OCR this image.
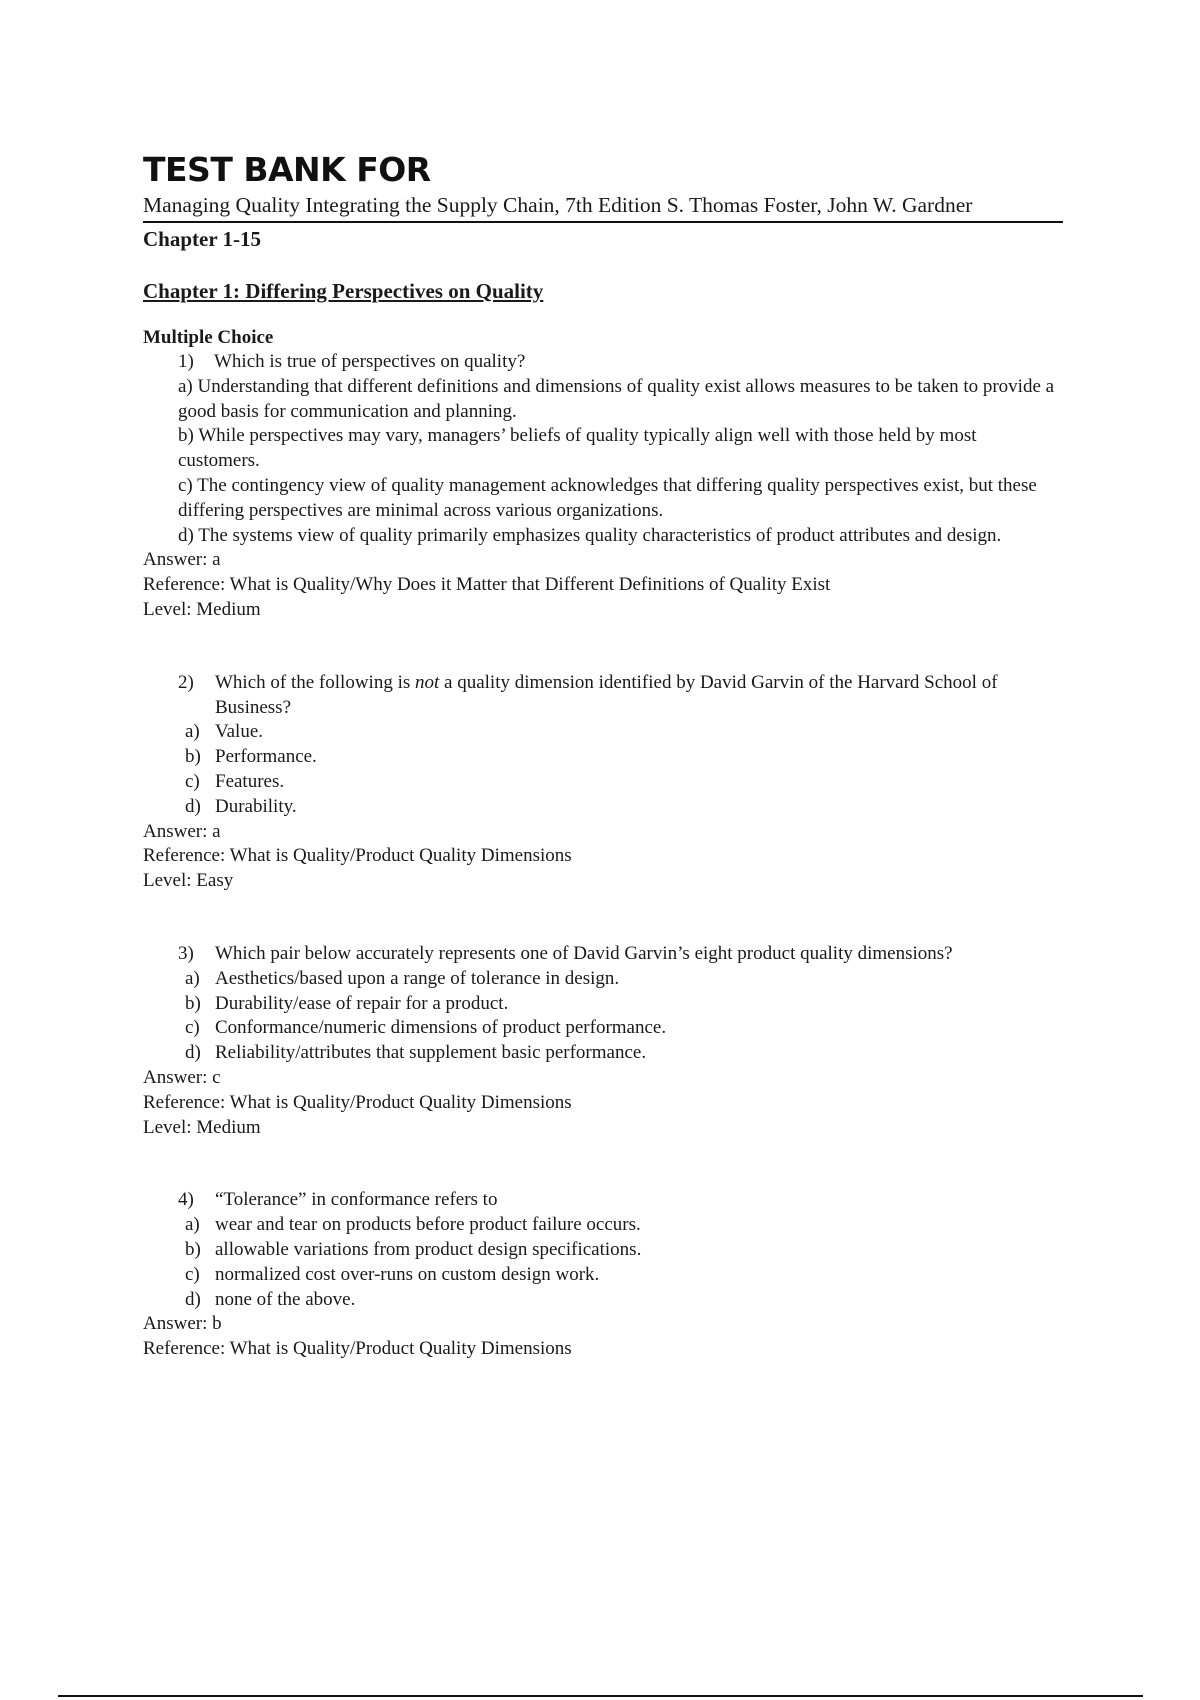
TEST BANK FOR
Managing Quality Integrating the Supply Chain, 7th Edition S. Thomas Foster, John W. Gardner
Chapter 1-15
Chapter 1: Differing Perspectives on Quality
Multiple Choice
1) Which is true of perspectives on quality?
a) Understanding that different definitions and dimensions of quality exist allows measures to be taken to provide a good basis for communication and planning.
b) While perspectives may vary, managers’ beliefs of quality typically align well with those held by most customers.
c) The contingency view of quality management acknowledges that differing quality perspectives exist, but these differing perspectives are minimal across various organizations.
d) The systems view of quality primarily emphasizes quality characteristics of product attributes and design.
Answer: a
Reference: What is Quality/Why Does it Matter that Different Definitions of Quality Exist
Level: Medium
2) Which of the following is not a quality dimension identified by David Garvin of the Harvard School of Business?
a) Value.
b) Performance.
c) Features.
d) Durability.
Answer: a
Reference: What is Quality/Product Quality Dimensions
Level: Easy
3) Which pair below accurately represents one of David Garvin’s eight product quality dimensions?
a) Aesthetics/based upon a range of tolerance in design.
b) Durability/ease of repair for a product.
c) Conformance/numeric dimensions of product performance.
d) Reliability/attributes that supplement basic performance.
Answer: c
Reference: What is Quality/Product Quality Dimensions
Level: Medium
4) “Tolerance” in conformance refers to
a) wear and tear on products before product failure occurs.
b) allowable variations from product design specifications.
c) normalized cost over-runs on custom design work.
d) none of the above.
Answer: b
Reference: What is Quality/Product Quality Dimensions
